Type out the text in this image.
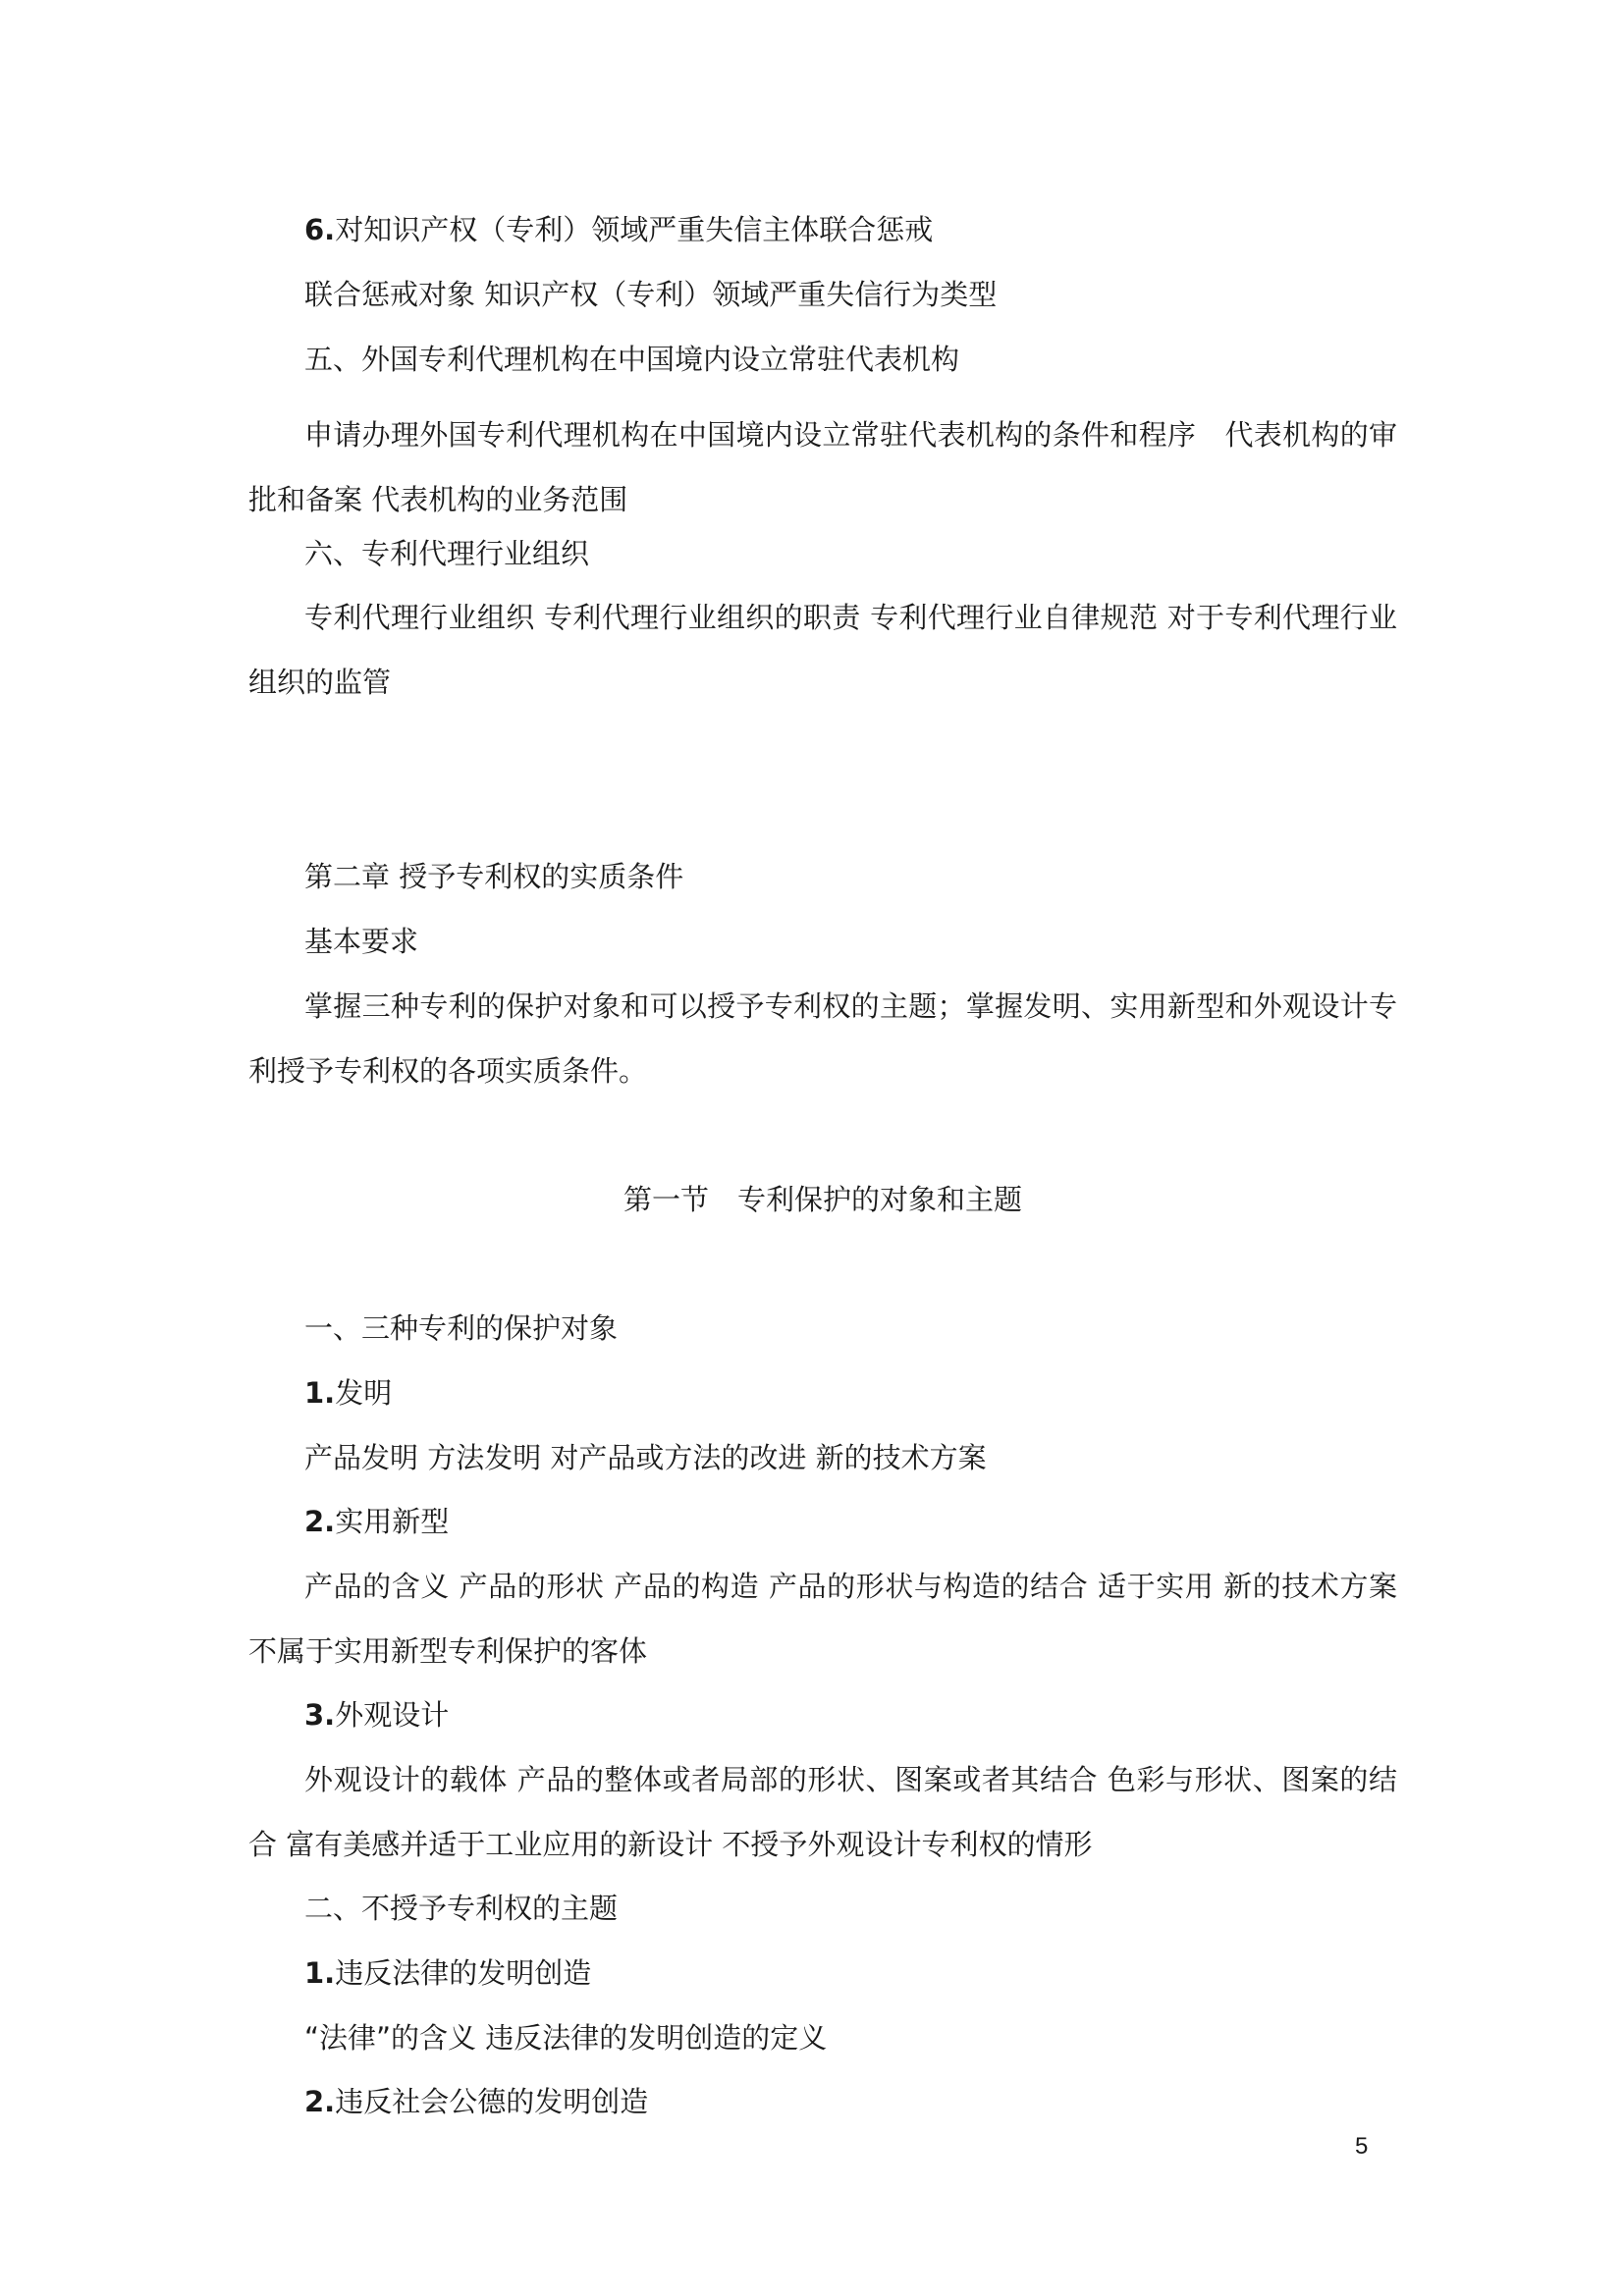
6.对知识产权（专利）领域严重失信主体联合惩戒

联合惩戒对象 知识产权（专利）领域严重失信行为类型

五、外国专利代理机构在中国境内设立常驻代表机构

申请办理外国专利代理机构在中国境内设立常驻代表机构的条件和程序　代表机构的审批和备案 代表机构的业务范围

六、专利代理行业组织

专利代理行业组织 专利代理行业组织的职责 专利代理行业自律规范 对于专利代理行业组织的监管

第二章 授予专利权的实质条件

基本要求

掌握三种专利的保护对象和可以授予专利权的主题；掌握发明、实用新型和外观设计专利授予专利权的各项实质条件。

第一节　专利保护的对象和主题

一、三种专利的保护对象

1.发明

产品发明 方法发明 对产品或方法的改进 新的技术方案

2.实用新型

产品的含义 产品的形状 产品的构造 产品的形状与构造的结合 适于实用 新的技术方案 不属于实用新型专利保护的客体

3.外观设计

外观设计的载体 产品的整体或者局部的形状、图案或者其结合 色彩与形状、图案的结合 富有美感并适于工业应用的新设计 不授予外观设计专利权的情形

二、不授予专利权的主题

1.违反法律的发明创造

“法律”的含义 违反法律的发明创造的定义

2.违反社会公德的发明创造

5
